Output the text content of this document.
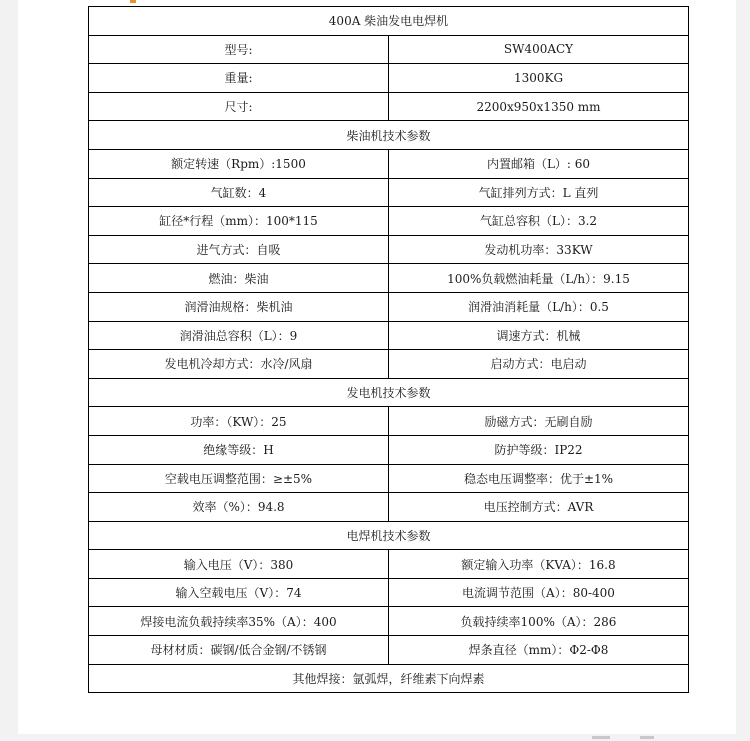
400A 柴油发电电焊机	
型号:	SW400ACY
重量:	1300KG
尺寸:	2200x950x1350 mm
柴油机技术参数	
额定转速（Rpm）:1500	内置邮箱（L）: 60
气缸数：4	气缸排列方式：L 直列
缸径*行程（mm）：100*115	气缸总容积（L）：3.2
进气方式：自吸	发动机功率：33KW
燃油：柴油	100%负载燃油耗量（L/h）：9.15
润滑油规格：柴机油	润滑油消耗量（L/h）：0.5
润滑油总容积（L）：9	调速方式：机械
发电机冷却方式：水冷/风扇	启动方式：电启动
发电机技术参数	
功率：（KW）：25	励磁方式：无刷自励
绝缘等级：H	防护等级：IP22
空载电压调整范围：≥±5%	稳态电压调整率：优于±1%
效率（%）：94.8	电压控制方式：AVR
电焊机技术参数	
输入电压（V）：380	额定输入功率（KVA）：16.8
输入空载电压（V）：74	电流调节范围（A）：80-400
焊接电流负载持续率35%（A）：400	负载持续率100%（A）：286
母材材质：碳钢/低合金钢/不锈钢	焊条直径（mm）：Φ2-Φ8
其他焊接：氩弧焊，纤维素下向焊素	
